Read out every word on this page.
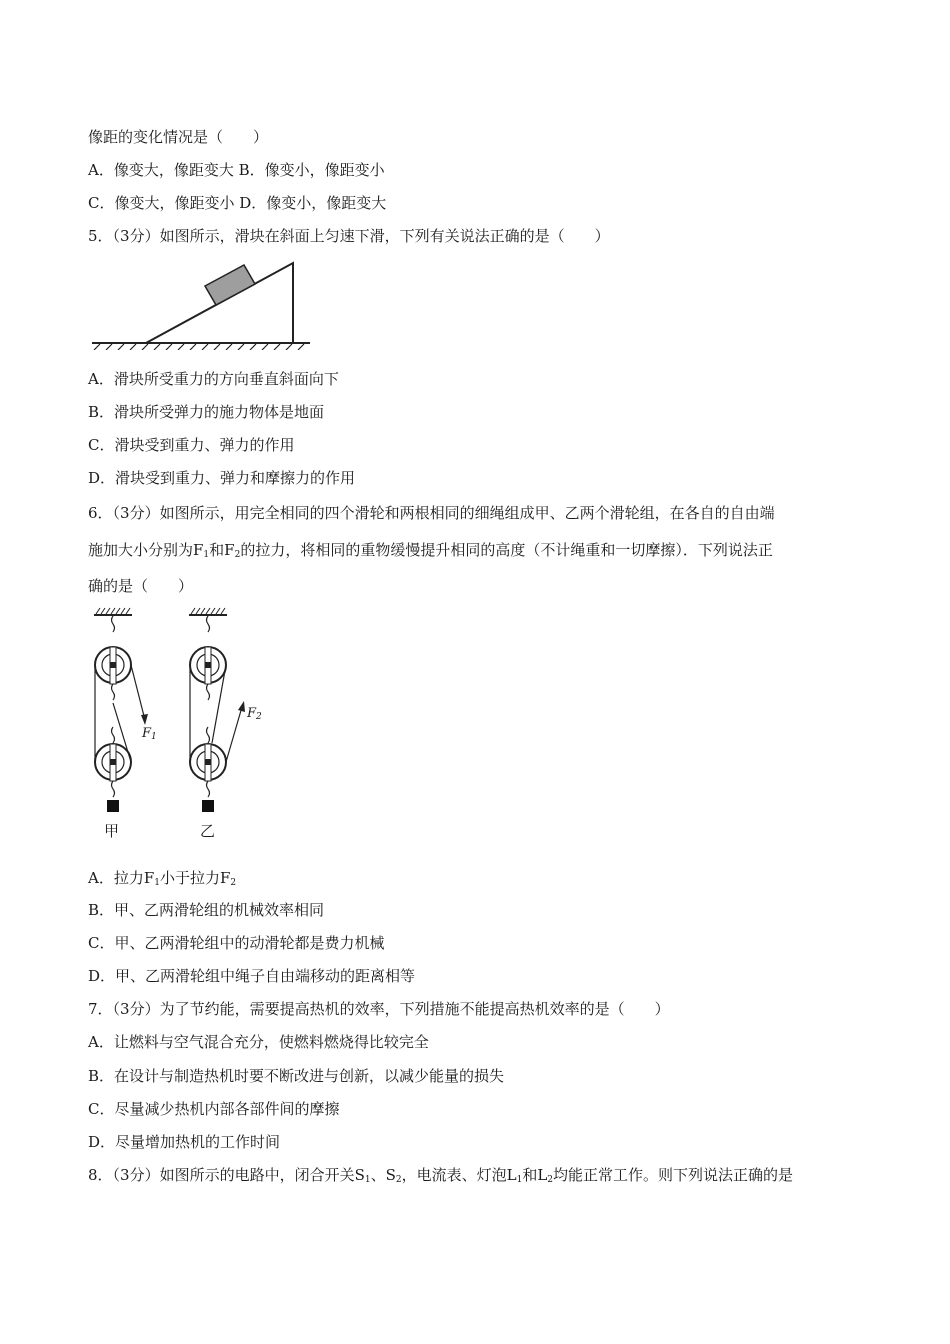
像距的变化情况是（　　）
A．像变大，像距变大 B．像变小，像距变小
C．像变大，像距变小 D．像变小，像距变大
5．（3分）如图所示，滑块在斜面上匀速下滑，下列有关说法正确的是（　　）
A．滑块所受重力的方向垂直斜面向下
B．滑块所受弹力的施力物体是地面
C．滑块受到重力、弹力的作用
D．滑块受到重力、弹力和摩擦力的作用
6．（3分）如图所示，用完全相同的四个滑轮和两根相同的细绳组成甲、乙两个滑轮组，在各自的自由端
施加大小分别为$F_1$和$F_2$的拉力，将相同的重物缓慢提升相同的高度（不计绳重和一切摩擦）．下列说法正
确的是（　　）
$F_1$
$F_2$
甲	乙
A．拉力$F_1$小于拉力$F_2$
B．甲、乙两滑轮组的机械效率相同
C．甲、乙两滑轮组中的动滑轮都是费力机械
D．甲、乙两滑轮组中绳子自由端移动的距离相等
7．（3分）为了节约能，需要提高热机的效率，下列措施不能提高热机效率的是（　　）
A．让燃料与空气混合充分，使燃料燃烧得比较完全
B．在设计与制造热机时要不断改进与创新，以减少能量的损失
C．尽量减少热机内部各部件间的摩擦
D．尽量增加热机的工作时间
8．（3分）如图所示的电路中，闭合开关$S_1$、$S_2$，电流表、灯泡$L_1$和$L_2$均能正常工作。则下列说法正确的是
